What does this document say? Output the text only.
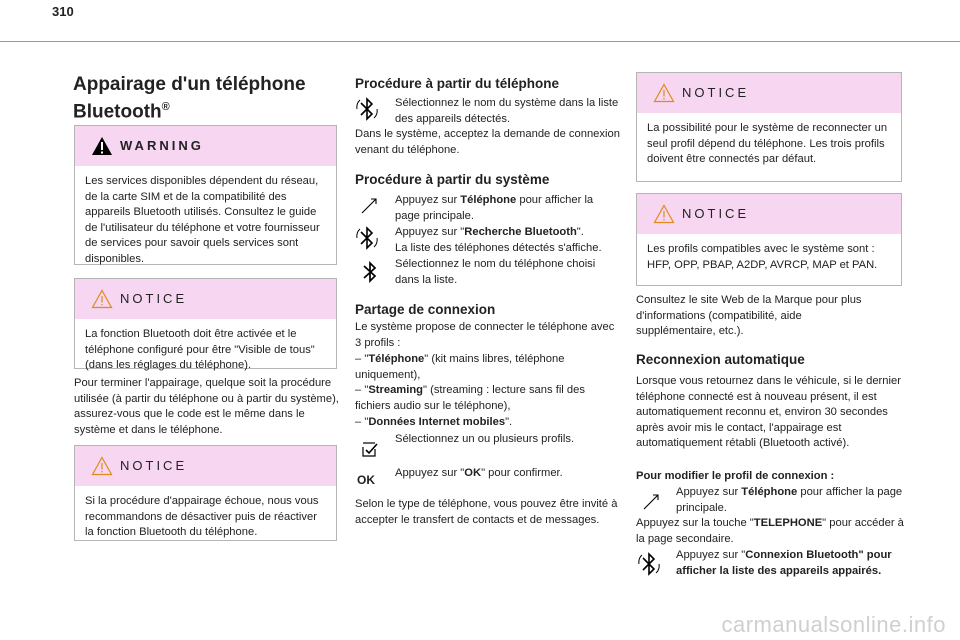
310
Appairage d'un téléphone
Bluetooth®
WARNING
Les services disponibles dépendent du réseau, de la carte SIM et de la compatibilité des appareils Bluetooth utilisés. Consultez le guide de l'utilisateur du téléphone et votre fournisseur de services pour savoir quels services sont disponibles.
NOTICE
La fonction Bluetooth doit être activée et le téléphone configuré pour être "Visible de tous" (dans les réglages du téléphone).

Pour terminer l'appairage, quelque soit la procédure utilisée (à partir du téléphone ou à partir du système), assurez-vous que le code est le même dans le système et dans le téléphone.

NOTICE
Si la procédure d'appairage échoue, nous vous recommandons de désactiver puis de réactiver la fonction Bluetooth du téléphone.
Procédure à partir du téléphone
Sélectionnez le nom du système dans la liste des appareils détectés.
Dans le système, acceptez la demande de connexion venant du téléphone.
Procédure à partir du système
Appuyez sur Téléphone pour afficher la page principale.
Appuyez sur "Recherche Bluetooth".
La liste des téléphones détectés s'affiche.
Sélectionnez le nom du téléphone choisi dans la liste.
Partage de connexion
Le système propose de connecter le téléphone avec 3 profils :
– "Téléphone" (kit mains libres, téléphone uniquement),
– "Streaming" (streaming : lecture sans fil des fichiers audio sur le téléphone),
– "Données Internet mobiles".
Sélectionnez un ou plusieurs profils.
OK Appuyez sur "OK" pour confirmer.
Selon le type de téléphone, vous pouvez être invité à accepter le transfert de contacts et de messages.
NOTICE
La possibilité pour le système de reconnecter un seul profil dépend du téléphone. Les trois profils doivent être connectés par défaut.
NOTICE
Les profils compatibles avec le système sont : HFP, OPP, PBAP, A2DP, AVRCP, MAP et PAN.
Consultez le site Web de la Marque pour plus d'informations (compatibilité, aide supplémentaire, etc.).
Reconnexion automatique
Lorsque vous retournez dans le véhicule, si le dernier téléphone connecté est à nouveau présent, il est automatiquement reconnu et, environ 30 secondes après avoir mis le contact, l'appairage est automatiquement rétabli (Bluetooth activé).
Pour modifier le profil de connexion :
Appuyez sur Téléphone pour afficher la page principale.
Appuyez sur la touche "TELEPHONE" pour accéder à la page secondaire.
Appuyez sur "Connexion Bluetooth" pour afficher la liste des appareils appairés.
carmanualsonline.info
